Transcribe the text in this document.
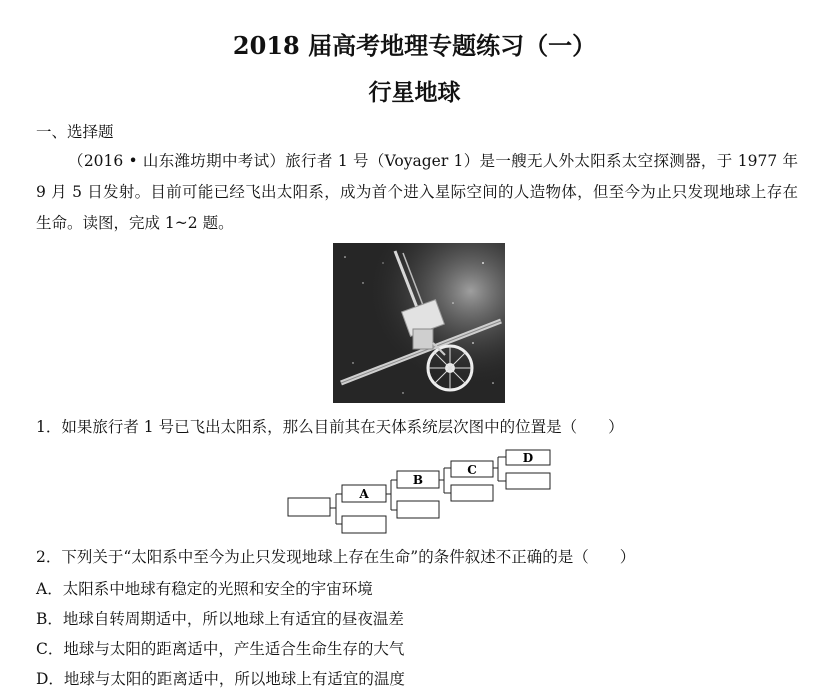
2018 届高考地理专题练习（一）
行星地球
一、选择题
（2016 • 山东潍坊期中考试）旅行者 1 号（Voyager 1）是一艘无人外太阳系太空探测器，于 1977 年 9 月 5 日发射。目前可能已经飞出太阳系，成为首个进入星际空间的人造物体，但至今为止只发现地球上存在生命。读图，完成 1~2 题。
1．如果旅行者 1 号已飞出太阳系，那么目前其在天体系统层次图中的位置是（　　）
A
B
C
D
2．下列关于“太阳系中至今为止只发现地球上存在生命”的条件叙述不正确的是（　　）
A．太阳系中地球有稳定的光照和安全的宇宙环境
B．地球自转周期适中，所以地球上有适宜的昼夜温差
C．地球与太阳的距离适中，产生适合生命生存的大气
D．地球与太阳的距离适中，所以地球上有适宜的温度
